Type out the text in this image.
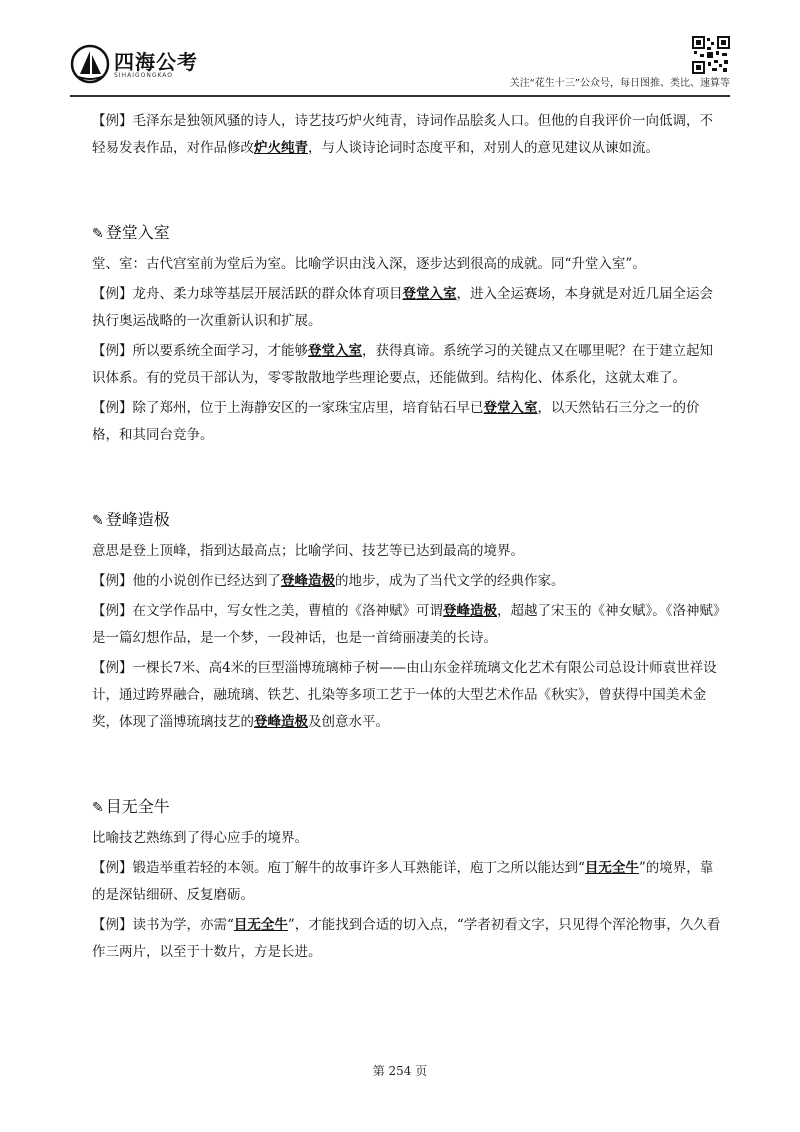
四海公考
SIHAIGONGKAO
关注“花生十三”公众号，每日图推、类比、速算等

【例】毛泽东是独领风骚的诗人，诗艺技巧炉火纯青，诗词作品脍炙人口。但他的自我评价一向低调，不轻易发表作品，对作品修改炉火纯青，与人谈诗论词时态度平和，对别人的意见建议从谏如流。

✎ 登堂入室

堂、室：古代宫室前为堂后为室。比喻学识由浅入深，逐步达到很高的成就。同“升堂入室”。

【例】龙舟、柔力球等基层开展活跃的群众体育项目登堂入室，进入全运赛场，本身就是对近几届全运会执行奥运战略的一次重新认识和扩展。

【例】所以要系统全面学习，才能够登堂入室，获得真谛。系统学习的关键点又在哪里呢？在于建立起知识体系。有的党员干部认为，零零散散地学些理论要点，还能做到。结构化、体系化，这就太难了。

【例】除了郑州，位于上海静安区的一家珠宝店里，培育钻石早已登堂入室，以天然钻石三分之一的价格，和其同台竞争。

✎ 登峰造极

意思是登上顶峰，指到达最高点；比喻学问、技艺等已达到最高的境界。

【例】他的小说创作已经达到了登峰造极的地步，成为了当代文学的经典作家。

【例】在文学作品中，写女性之美，曹植的《洛神赋》可谓登峰造极，超越了宋玉的《神女赋》。《洛神赋》是一篇幻想作品，是一个梦，一段神话，也是一首绮丽凄美的长诗。

【例】一棵长7米、高4米的巨型淄博琉璃柿子树——由山东金祥琉璃文化艺术有限公司总设计师袁世祥设计，通过跨界融合，融琉璃、铁艺、扎染等多项工艺于一体的大型艺术作品《秋实》，曾获得中国美术金奖，体现了淄博琉璃技艺的登峰造极及创意水平。

✎ 目无全牛

比喻技艺熟练到了得心应手的境界。

【例】锻造举重若轻的本领。庖丁解牛的故事许多人耳熟能详，庖丁之所以能达到“目无全牛”的境界，靠的是深钻细研、反复磨砺。

【例】读书为学，亦需“目无全牛”，才能找到合适的切入点，“学者初看文字，只见得个浑沦物事，久久看作三两片，以至于十数片，方是长进。

第 254 页
